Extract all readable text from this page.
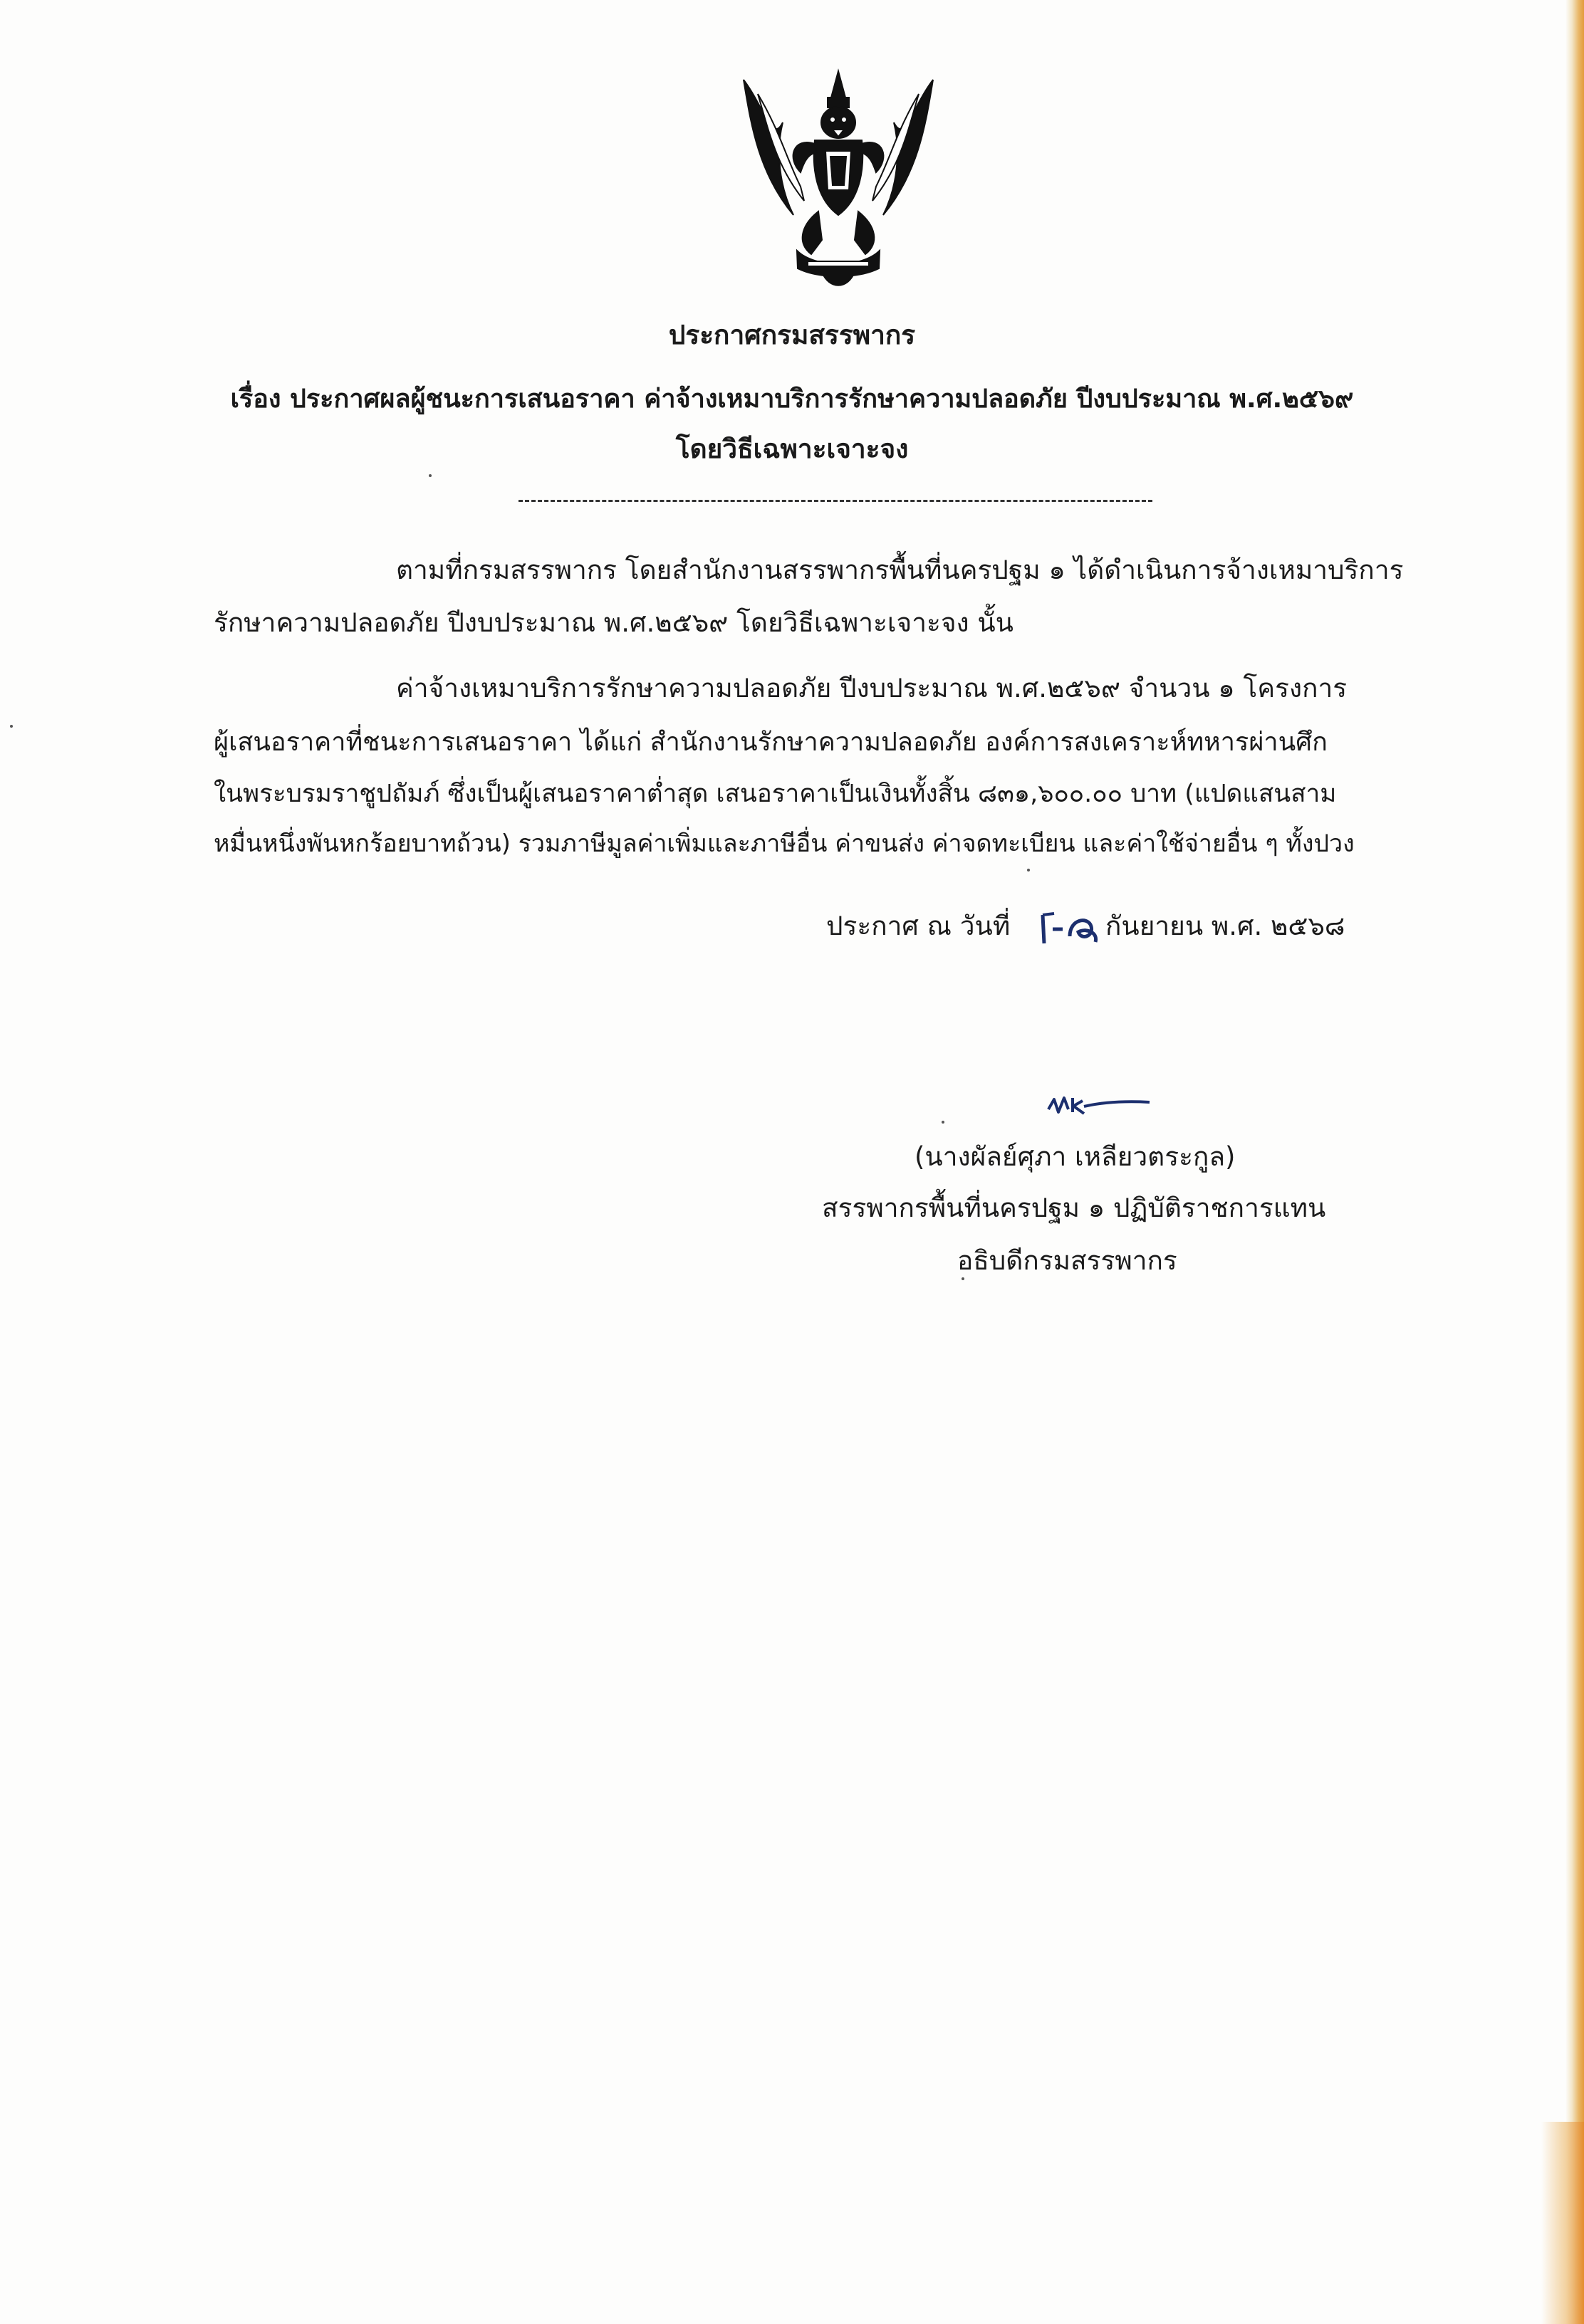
ประกาศกรมสรรพากร
เรื่อง ประกาศผลผู้ชนะการเสนอราคา ค่าจ้างเหมาบริการรักษาความปลอดภัย ปีงบประมาณ พ.ศ.๒๕๖๙
โดยวิธีเฉพาะเจาะจง
ตามที่กรมสรรพากร โดยสำนักงานสรรพากรพื้นที่นครปฐม ๑ ได้ดำเนินการจ้างเหมาบริการ
รักษาความปลอดภัย ปีงบประมาณ พ.ศ.๒๕๖๙ โดยวิธีเฉพาะเจาะจง นั้น
ค่าจ้างเหมาบริการรักษาความปลอดภัย ปีงบประมาณ พ.ศ.๒๕๖๙ จำนวน ๑ โครงการ
ผู้เสนอราคาที่ชนะการเสนอราคา ได้แก่ สำนักงานรักษาความปลอดภัย องค์การสงเคราะห์ทหารผ่านศึก
ในพระบรมราชูปถัมภ์ ซึ่งเป็นผู้เสนอราคาต่ำสุด เสนอราคาเป็นเงินทั้งสิ้น ๘๓๑,๖๐๐.๐๐ บาท (แปดแสนสาม
หมื่นหนึ่งพันหกร้อยบาทถ้วน) รวมภาษีมูลค่าเพิ่มและภาษีอื่น ค่าขนส่ง ค่าจดทะเบียน และค่าใช้จ่ายอื่น ๆ ทั้งปวง
ประกาศ ณ วันที่	กันยายน พ.ศ. ๒๕๖๘
(นางผัลย์ศุภา เหลียวตระกูล)
สรรพากรพื้นที่นครปฐม ๑ ปฏิบัติราชการแทน
อธิบดีกรมสรรพากร
